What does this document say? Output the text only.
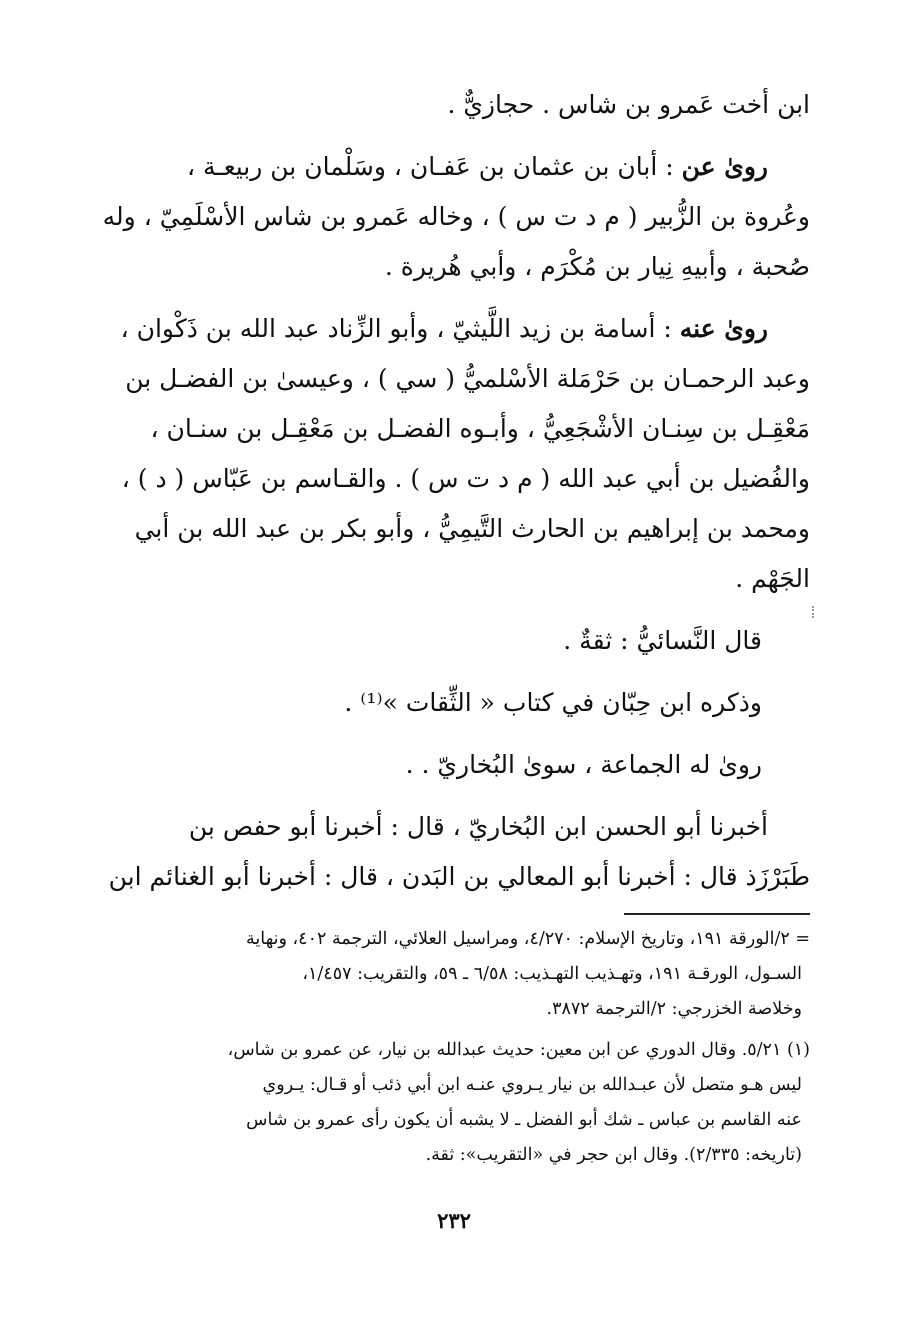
ابن أخت عَمرو بن شاس . حجازيٌّ .
روىٰ عن : أبان بن عثمان بن عَفـان ، وسَلْمان بن ربيعـة ،
وعُروة بن الزُّبير ( م د ت س ) ، وخاله عَمرو بن شاس الأسْلَمِيّ ، وله
صُحبة ، وأبيهِ نِيار بن مُكْرَم ، وأبي هُريرة .
روىٰ عنه : أسامة بن زيد اللَّيثيّ ، وأبو الزِّناد عبد الله بن ذَكْوان ،
وعبد الرحمـان بن حَرْمَلة الأسْلميُّ ( سي ) ، وعيسىٰ بن الفضـل بن
مَعْقِـل بن سِنـان الأشْجَعِيُّ ، وأبـوه الفضـل بن مَعْقِـل بن سنـان ،
والفُضيل بن أبي عبد الله ( م د ت س ) . والقـاسم بن عَبّاس ( د ) ،
ومحمد بن إبراهيم بن الحارث التَّيمِيُّ ، وأبو بكر بن عبد الله بن أبي
الجَهْم .
قال النَّسائيُّ : ثقةٌ .
وذكره ابن حِبّان في كتاب « الثِّقات »⁽¹⁾ .
روىٰ له الجماعة ، سوىٰ البُخاريّ . .
أخبرنا أبو الحسن ابن البُخاريّ ، قال : أخبرنا أبو حفص بن
طَبَرْزَذ قال : أخبرنا أبو المعالي بن البَدن ، قال : أخبرنا أبو الغنائم ابن
= ٢/الورقة ١٩١، وتاريخ الإسلام: ٤/٢٧٠، ومراسيل العلائي، الترجمة ٤٠٢، ونهاية
السـول، الورقـة ١٩١، وتهـذيب التهـذيب: ٦/٥٨ ـ ٥٩، والتقريب: ١/٤٥٧،
وخلاصة الخزرجي: ٢/الترجمة ٣٨٧٢.
(١) ٥/٢١. وقال الدوري عن ابن معين: حديث عبدالله بن نيار، عن عمرو بن شاس،
ليس هـو متصل لأن عبـدالله بن نيار يـروي عنـه ابن أبي ذئب أو قـال: يـروي
عنه القاسم بن عباس ـ شك أبو الفضل ـ لا يشبه أن يكون رأى عمرو بن شاس
(تاريخه: ٢/٣٣٥). وقال ابن حجر في «التقريب»: ثقة.
٢٣٢
